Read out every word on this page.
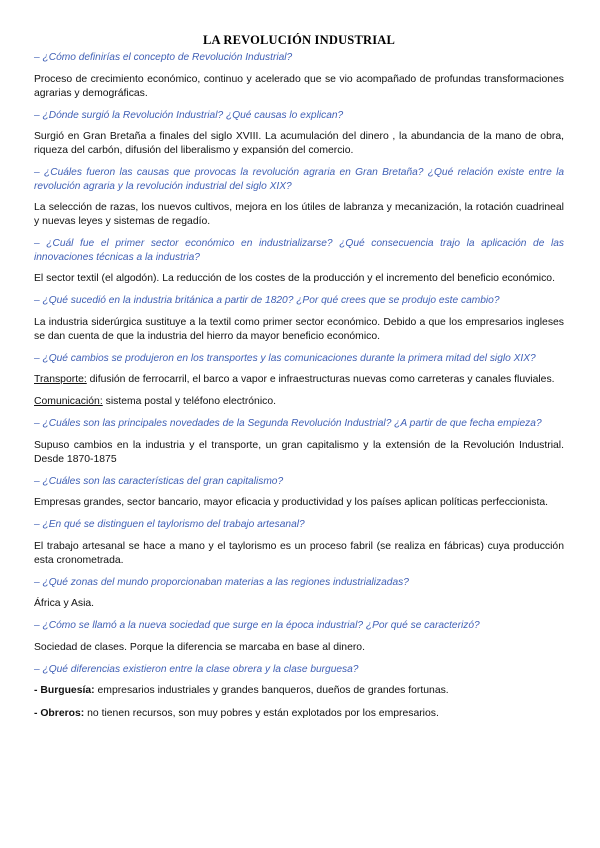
LA REVOLUCIÓN INDUSTRIAL
– ¿Cómo definirías el concepto de Revolución Industrial?
Proceso de crecimiento económico, continuo y acelerado que se vio acompañado de profundas transformaciones agrarias y demográficas.
– ¿Dónde surgió la Revolución Industrial? ¿Qué causas lo explican?
Surgió en Gran Bretaña a finales del siglo XVIII. La acumulación del dinero , la abundancia de la mano de obra, riqueza del carbón, difusión del liberalismo y expansión del comercio.
– ¿Cuáles fueron las causas que provocas la revolución agraria en Gran Bretaña? ¿Qué relación existe entre la revolución agraria y la revolución industrial del siglo XIX?
La selección de razas, los nuevos cultivos, mejora en los útiles de labranza y mecanización, la rotación cuadrineal y nuevas leyes y sistemas de regadío.
– ¿Cuál fue el primer sector económico en industrializarse? ¿Qué consecuencia trajo la aplicación de las innovaciones técnicas a la industria?
El sector textil (el algodón). La reducción de los costes de la producción y el incremento del beneficio económico.
– ¿Qué sucedió en la industria británica a partir de 1820? ¿Por qué crees que se produjo este cambio?
La industria siderúrgica sustituye a la textil como primer sector económico. Debido a que los empresarios ingleses se dan cuenta de que la industria del hierro da mayor beneficio económico.
– ¿Qué cambios se produjeron en los transportes y las comunicaciones durante la primera mitad del siglo XIX?
Transporte: difusión de ferrocarril, el barco a vapor e infraestructuras nuevas como carreteras y canales fluviales.
Comunicación: sistema postal y teléfono electrónico.
– ¿Cuáles son las principales novedades de la Segunda Revolución Industrial? ¿A partir de que fecha empieza?
Supuso cambios en la industria y el transporte, un gran capitalismo y la extensión de la Revolución Industrial. Desde 1870-1875
– ¿Cuáles son las características del gran capitalismo?
Empresas grandes, sector bancario, mayor eficacia y productividad y los países aplican políticas perfeccionista.
– ¿En qué se distinguen el taylorismo del trabajo artesanal?
El trabajo artesanal se hace a mano y el taylorismo es un proceso fabril (se realiza en fábricas) cuya producción esta cronometrada.
– ¿Qué zonas del mundo proporcionaban materias a las regiones industrializadas?
África y Asia.
– ¿Cómo se llamó a la nueva sociedad que surge en la época industrial? ¿Por qué se caracterizó?
Sociedad de clases. Porque la diferencia se marcaba en base al dinero.
– ¿Qué diferencias existieron entre la clase obrera y la clase burguesa?
- Burguesía: empresarios industriales y grandes banqueros, dueños de grandes fortunas.
- Obreros: no tienen recursos, son muy pobres y están explotados por los empresarios.
